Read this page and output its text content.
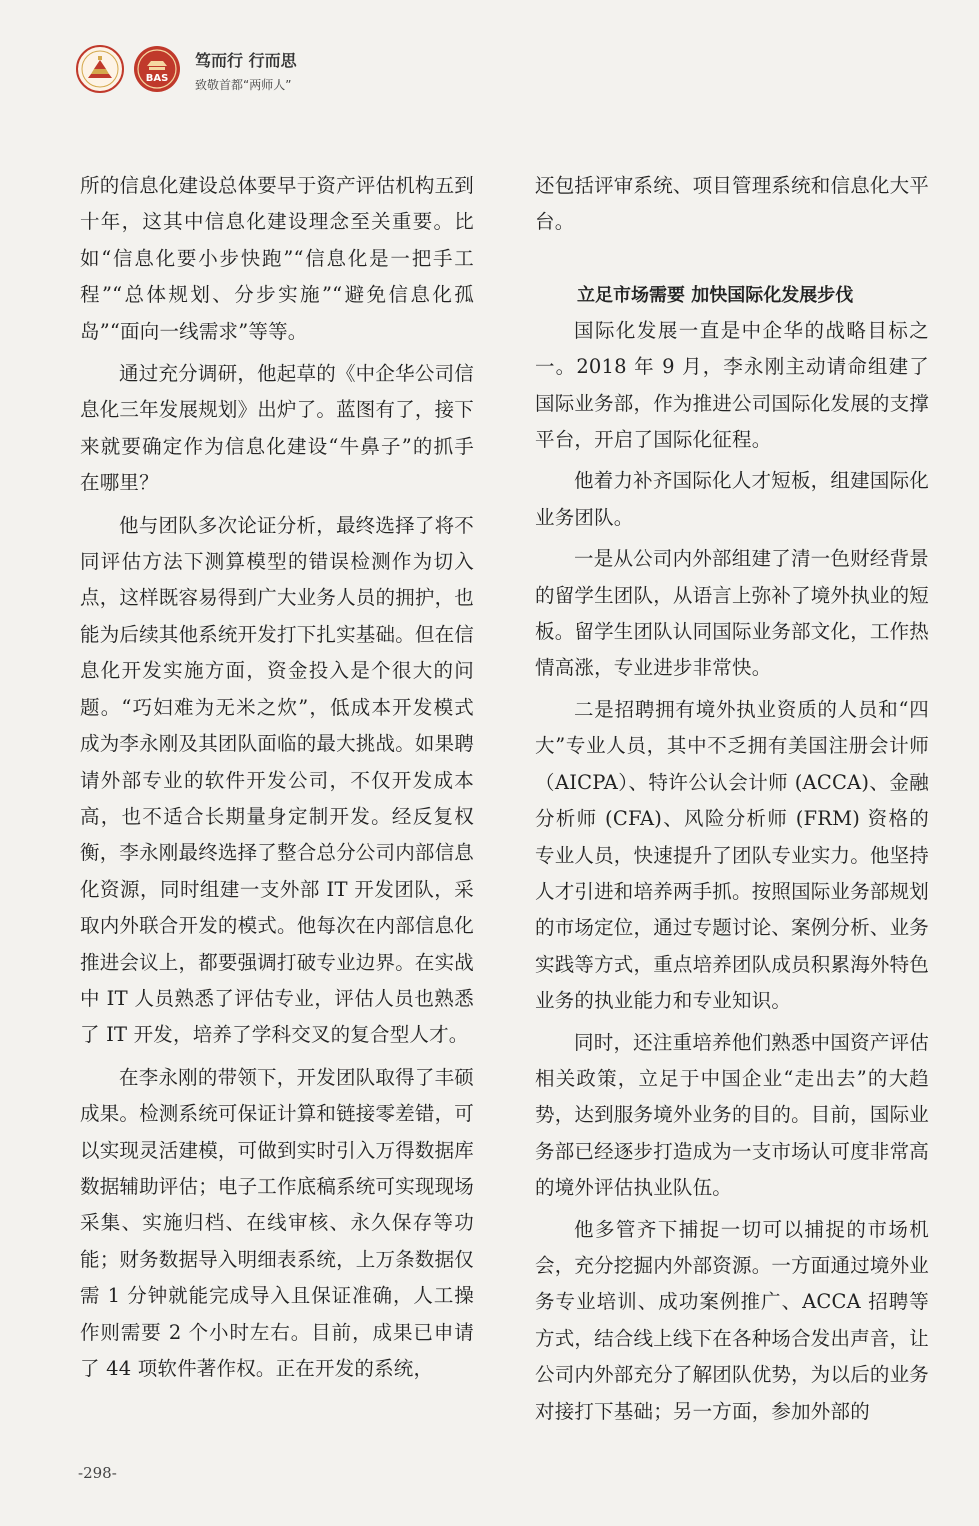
BAS
笃而行 行而思
致敬首都“两师人”

所的信息化建设总体要早于资产评估机构五到十年，这其中信息化建设理念至关重要。比如“信息化要小步快跑”“信息化是一把手工程”“总体规划、分步实施”“避免信息化孤岛”“面向一线需求”等等。

通过充分调研，他起草的《中企华公司信息化三年发展规划》出炉了。蓝图有了，接下来就要确定作为信息化建设“牛鼻子”的抓手在哪里？

他与团队多次论证分析，最终选择了将不同评估方法下测算模型的错误检测作为切入点，这样既容易得到广大业务人员的拥护，也能为后续其他系统开发打下扎实基础。但在信息化开发实施方面，资金投入是个很大的问题。“巧妇难为无米之炊”，低成本开发模式成为李永刚及其团队面临的最大挑战。如果聘请外部专业的软件开发公司，不仅开发成本高，也不适合长期量身定制开发。经反复权衡，李永刚最终选择了整合总分公司内部信息化资源，同时组建一支外部 IT 开发团队，采取内外联合开发的模式。他每次在内部信息化推进会议上，都要强调打破专业边界。在实战中 IT 人员熟悉了评估专业，评估人员也熟悉了 IT 开发，培养了学科交叉的复合型人才。

在李永刚的带领下，开发团队取得了丰硕成果。检测系统可保证计算和链接零差错，可以实现灵活建模，可做到实时引入万得数据库数据辅助评估；电子工作底稿系统可实现现场采集、实施归档、在线审核、永久保存等功能；财务数据导入明细表系统，上万条数据仅需 1 分钟就能完成导入且保证准确，人工操作则需要 2 个小时左右。目前，成果已申请了 44 项软件著作权。正在开发的系统，

还包括评审系统、项目管理系统和信息化大平台。

立足市场需要 加快国际化发展步伐

国际化发展一直是中企华的战略目标之一。2018 年 9 月，李永刚主动请命组建了国际业务部，作为推进公司国际化发展的支撑平台，开启了国际化征程。

他着力补齐国际化人才短板，组建国际化业务团队。

一是从公司内外部组建了清一色财经背景的留学生团队，从语言上弥补了境外执业的短板。留学生团队认同国际业务部文化，工作热情高涨，专业进步非常快。

二是招聘拥有境外执业资质的人员和“四大”专业人员，其中不乏拥有美国注册会计师（AICPA）、特许公认会计师 (ACCA)、金融分析师 (CFA)、风险分析师 (FRM) 资格的专业人员，快速提升了团队专业实力。他坚持人才引进和培养两手抓。按照国际业务部规划的市场定位，通过专题讨论、案例分析、业务实践等方式，重点培养团队成员积累海外特色业务的执业能力和专业知识。

同时，还注重培养他们熟悉中国资产评估相关政策，立足于中国企业“走出去”的大趋势，达到服务境外业务的目的。目前，国际业务部已经逐步打造成为一支市场认可度非常高的境外评估执业队伍。

他多管齐下捕捉一切可以捕捉的市场机会，充分挖掘内外部资源。一方面通过境外业务专业培训、成功案例推广、ACCA 招聘等方式，结合线上线下在各种场合发出声音，让公司内外部充分了解团队优势，为以后的业务对接打下基础；另一方面，参加外部的

-298-
